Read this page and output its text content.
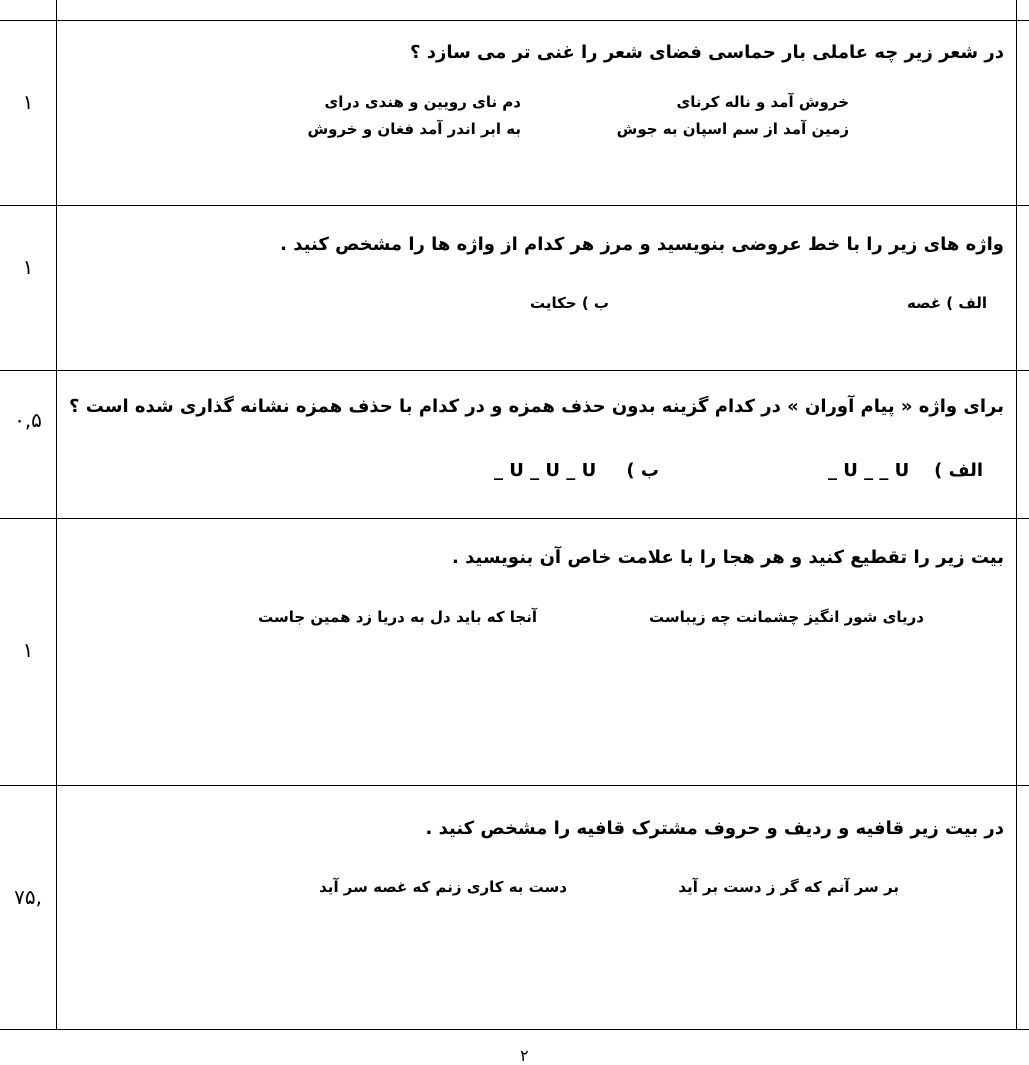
۱
در شعر زیر چه عاملی بار حماسی فضای شعر را غنی تر می سازد ؟
خروش آمد و ناله کرنای
دم نای رویین و هندی درای
زمین آمد از سم اسپان به جوش
به ابر اندر آمد فغان و خروش
۱
واژه های زیر را با خط عروضی بنویسید و مرز هر کدام از واژه ها را مشخص کنید .
الف ) غصه
ب ) حکایت
۰,۵
برای واژه « پیام آوران » در کدام گزینه بدون حذف همزه و در کدام با حذف همزه نشانه گذاری شده است ؟
الف )
_ U _ _ U
ب )
_ U _ U _ U
۱
بیت زیر را تقطیع کنید و هر هجا را با علامت خاص آن بنویسید .
دریای شور انگیز چشمانت چه زیباست
آنجا که باید دل به دریا زد همین جاست
,۷۵
در بیت زیر قافیه و ردیف و حروف مشترک قافیه را مشخص کنید .
بر سر آنم که گر ز دست بر آید
دست به کاری زنم که غصه سر آید
۲
